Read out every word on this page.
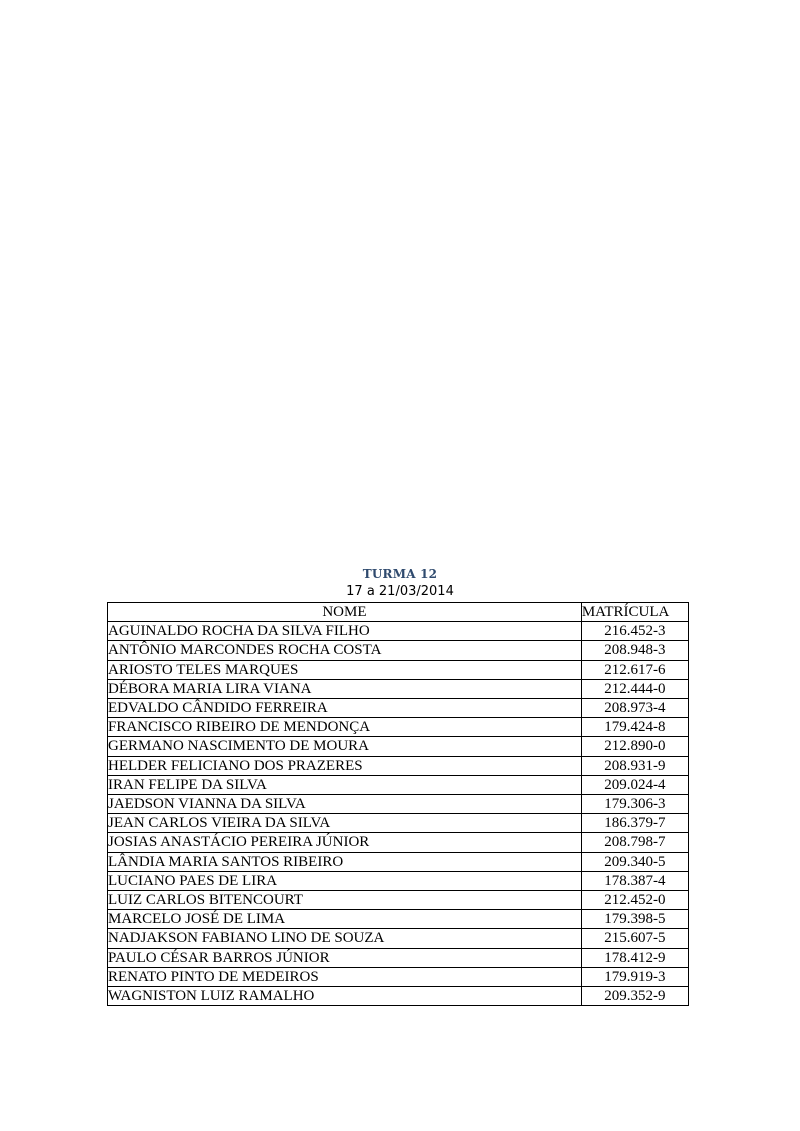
TURMA 12
17 a 21/03/2014
NOME	MATRÍCULA
AGUINALDO ROCHA DA SILVA FILHO	216.452-3
ANTÔNIO MARCONDES ROCHA COSTA	208.948-3
ARIOSTO TELES MARQUES	212.617-6
DÉBORA MARIA LIRA VIANA	212.444-0
EDVALDO CÂNDIDO FERREIRA	208.973-4
FRANCISCO RIBEIRO DE MENDONÇA	179.424-8
GERMANO NASCIMENTO DE MOURA	212.890-0
HELDER FELICIANO DOS PRAZERES	208.931-9
IRAN FELIPE DA SILVA	209.024-4
JAEDSON VIANNA DA SILVA	179.306-3
JEAN CARLOS VIEIRA DA SILVA	186.379-7
JOSIAS ANASTÁCIO PEREIRA JÚNIOR	208.798-7
LÂNDIA MARIA SANTOS RIBEIRO	209.340-5
LUCIANO PAES DE LIRA	178.387-4
LUIZ CARLOS BITENCOURT	212.452-0
MARCELO JOSÉ DE LIMA	179.398-5
NADJAKSON FABIANO LINO DE SOUZA	215.607-5
PAULO CÉSAR BARROS JÚNIOR	178.412-9
RENATO PINTO DE MEDEIROS	179.919-3
WAGNISTON LUIZ RAMALHO	209.352-9
